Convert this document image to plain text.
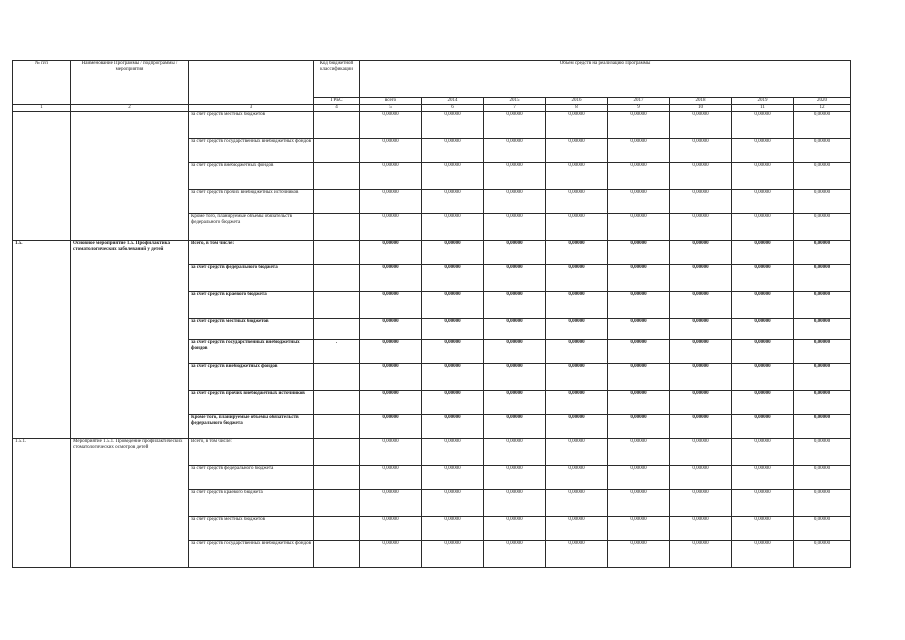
№ п/п	Наименование Программы / подпрограммы / мероприятия		Код бюджетной классификации	Объем средств на реализацию Программы							
			ГРБС	всего	2014	2015	2016	2017	2018	2019	2020
1	2	3	4	5	6	7	8	9	10	11	12
		за счет средств местных бюджетов		0,00000	0,00000	0,00000	0,00000	0,00000	0,00000	0,00000	0,00000
		за счет средств государственных внебюджетных фондов		0,00000	0,00000	0,00000	0,00000	0,00000	0,00000	0,00000	0,00000
		за счет средств внебюджетных фондов		0,00000	0,00000	0,00000	0,00000	0,00000	0,00000	0,00000	0,00000
		за счет средств прочих внебюджетных источников		0,00000	0,00000	0,00000	0,00000	0,00000	0,00000	0,00000	0,00000
		Кроме того, планируемые объемы обязательств федерального бюджета		0,00000	0,00000	0,00000	0,00000	0,00000	0,00000	0,00000	0,00000
1.5.	Основное мероприятие 1.5. Профилактика стоматологических заболеваний у детей	Всего, в том числе:		0,00000	0,00000	0,00000	0,00000	0,00000	0,00000	0,00000	0,00000
		за счет средств федерального бюджета		0,00000	0,00000	0,00000	0,00000	0,00000	0,00000	0,00000	0,00000
		за счет средств краевого бюджета		0,00000	0,00000	0,00000	0,00000	0,00000	0,00000	0,00000	0,00000
		за счет средств местных бюджетов		0,00000	0,00000	0,00000	0,00000	0,00000	0,00000	0,00000	0,00000
		за счет средств государственных внебюджетных фондов	.	0,00000	0,00000	0,00000	0,00000	0,00000	0,00000	0,00000	0,00000
		за счет средств внебюджетных фондов		0,00000	0,00000	0,00000	0,00000	0,00000	0,00000	0,00000	0,00000
		за счет средств прочих внебюджетных источников		0,00000	0,00000	0,00000	0,00000	0,00000	0,00000	0,00000	0,00000
		Кроме того, планируемые объемы обязательств федерального бюджета		0,00000	0,00000	0,00000	0,00000	0,00000	0,00000	0,00000	0,00000
1.5.1.	Мероприятие 1.5.1. Проведение профилактических стоматологических осмотров детей	Всего, в том числе:		0,00000	0,00000	0,00000	0,00000	0,00000	0,00000	0,00000	0,00000
		за счет средств федерального бюджета		0,00000	0,00000	0,00000	0,00000	0,00000	0,00000	0,00000	0,00000
		за счет средств краевого бюджета		0,00000	0,00000	0,00000	0,00000	0,00000	0,00000	0,00000	0,00000
		за счет средств местных бюджетов		0,00000	0,00000	0,00000	0,00000	0,00000	0,00000	0,00000	0,00000
		за счет средств государственных внебюджетных фондов		0,00000	0,00000	0,00000	0,00000	0,00000	0,00000	0,00000	0,00000
